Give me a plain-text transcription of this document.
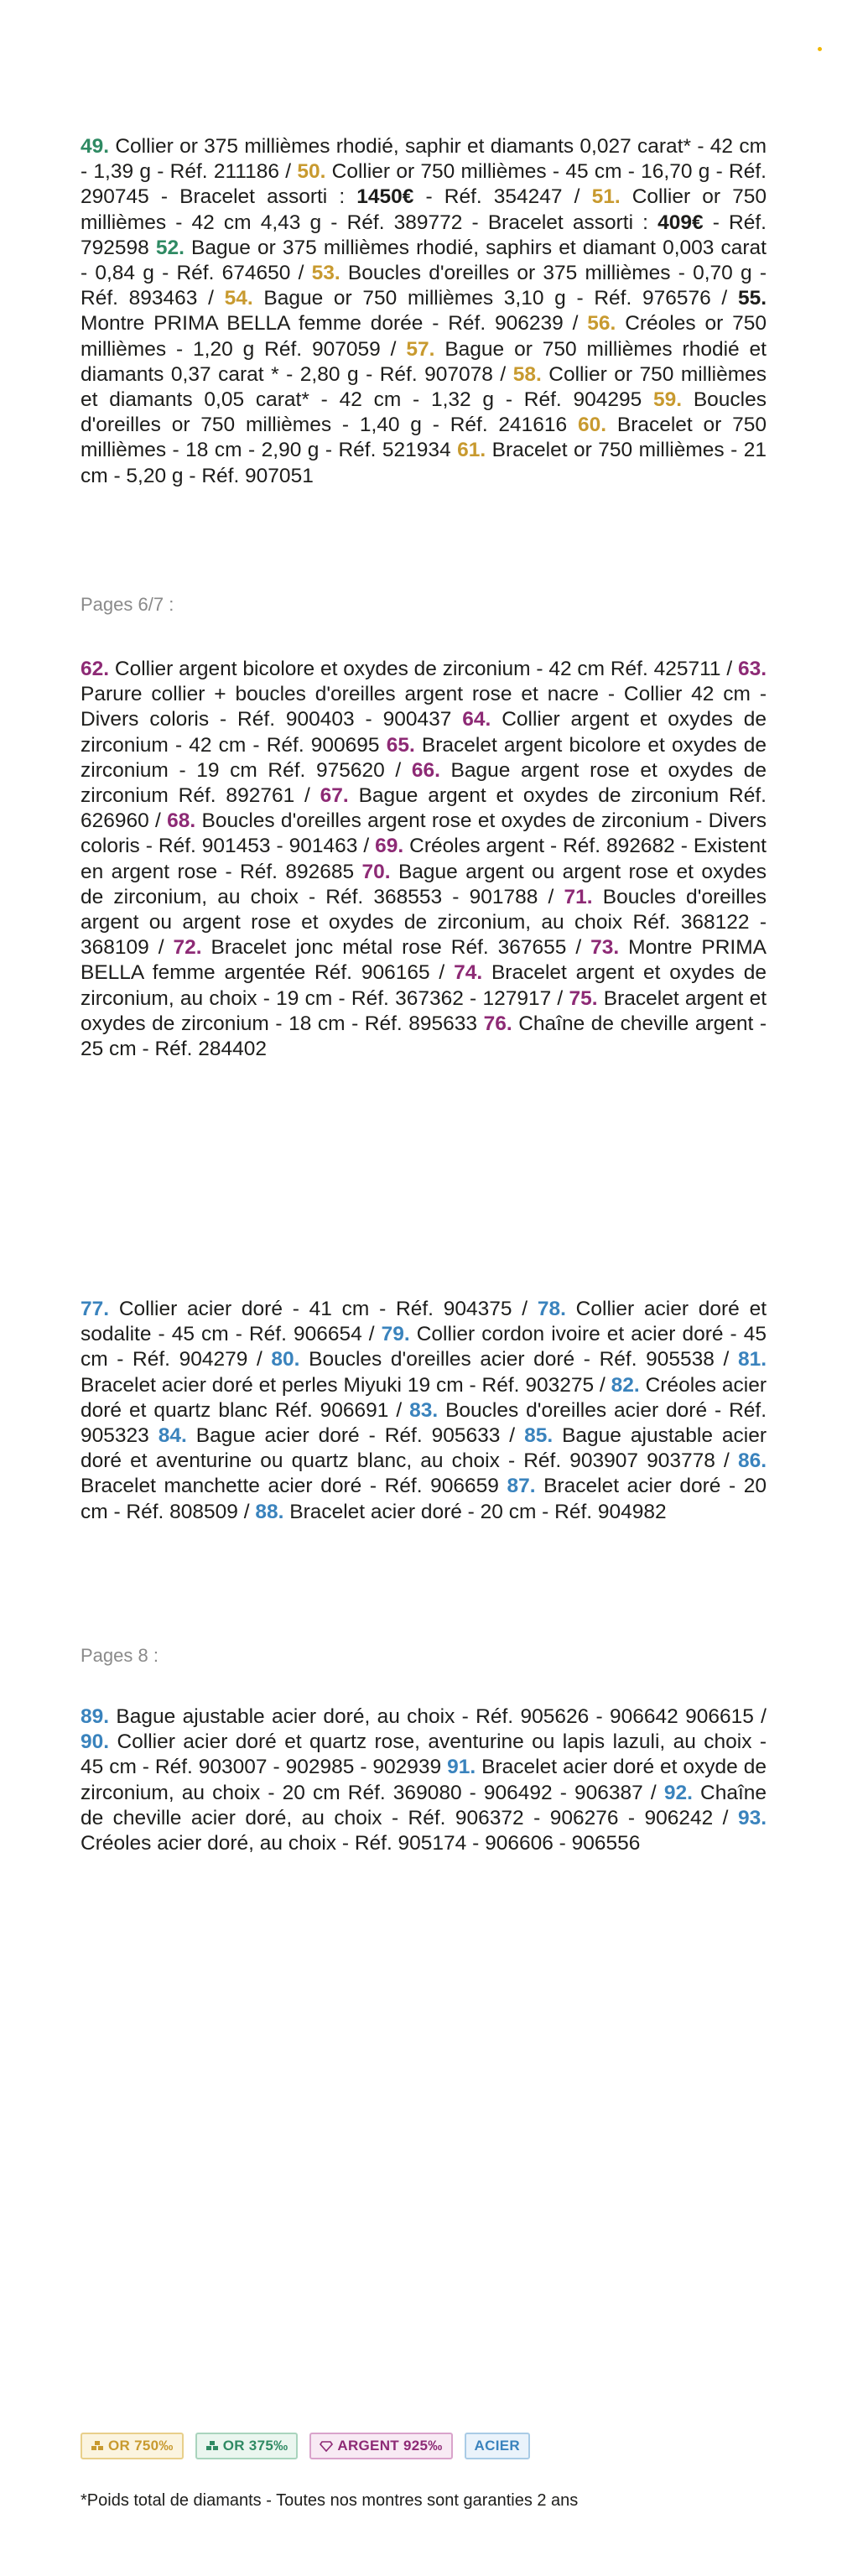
49. Collier or 375 millièmes rhodié, saphir et diamants 0,027 carat* - 42 cm - 1,39 g - Réf. 211186 / 50. Collier or 750 millièmes - 45 cm - 16,70 g - Réf. 290745 - Bracelet assorti : 1450€ - Réf. 354247 / 51. Collier or 750 millièmes - 42 cm 4,43 g - Réf. 389772 - Bracelet assorti : 409€ - Réf. 792598 52. Bague or 375 millièmes rhodié, saphirs et diamant 0,003 carat - 0,84 g - Réf. 674650 / 53. Boucles d'oreilles or 375 millièmes - 0,70 g - Réf. 893463 / 54. Bague or 750 millièmes 3,10 g - Réf. 976576 / 55. Montre PRIMA BELLA femme dorée - Réf. 906239 / 56. Créoles or 750 millièmes - 1,20 g Réf. 907059 / 57. Bague or 750 millièmes rhodié et diamants 0,37 carat * - 2,80 g - Réf. 907078 / 58. Collier or 750 millièmes et diamants 0,05 carat* - 42 cm - 1,32 g - Réf. 904295 59. Boucles d'oreilles or 750 millièmes - 1,40 g - Réf. 241616 60. Bracelet or 750 millièmes - 18 cm - 2,90 g - Réf. 521934 61. Bracelet or 750 millièmes - 21 cm - 5,20 g - Réf. 907051

Pages 6/7 :

62. Collier argent bicolore et oxydes de zirconium - 42 cm Réf. 425711 / 63. Parure collier + boucles d'oreilles argent rose et nacre - Collier 42 cm - Divers coloris - Réf. 900403 - 900437 64. Collier argent et oxydes de zirconium - 42 cm - Réf. 900695 65. Bracelet argent bicolore et oxydes de zirconium - 19 cm Réf. 975620 / 66. Bague argent rose et oxydes de zirconium Réf. 892761 / 67. Bague argent et oxydes de zirconium Réf. 626960 / 68. Boucles d'oreilles argent rose et oxydes de zirconium - Divers coloris - Réf. 901453 - 901463 / 69. Créoles argent - Réf. 892682 - Existent en argent rose - Réf. 892685 70. Bague argent ou argent rose et oxydes de zirconium, au choix - Réf. 368553 - 901788 / 71. Boucles d'oreilles argent ou argent rose et oxydes de zirconium, au choix Réf. 368122 - 368109 / 72. Bracelet jonc métal rose Réf. 367655 / 73. Montre PRIMA BELLA femme argentée Réf. 906165 / 74. Bracelet argent et oxydes de zirconium, au choix - 19 cm - Réf. 367362 - 127917 / 75. Bracelet argent et oxydes de zirconium - 18 cm - Réf. 895633 76. Chaîne de cheville argent - 25 cm - Réf. 284402

77. Collier acier doré - 41 cm - Réf. 904375 / 78. Collier acier doré et sodalite - 45 cm - Réf. 906654 / 79. Collier cordon ivoire et acier doré - 45 cm - Réf. 904279 / 80. Boucles d'oreilles acier doré - Réf. 905538 / 81. Bracelet acier doré et perles Miyuki 19 cm - Réf. 903275 / 82. Créoles acier doré et quartz blanc Réf. 906691 / 83. Boucles d'oreilles acier doré - Réf. 905323 84. Bague acier doré - Réf. 905633 / 85. Bague ajustable acier doré et aventurine ou quartz blanc, au choix - Réf. 903907 903778 / 86. Bracelet manchette acier doré - Réf. 906659 87. Bracelet acier doré - 20 cm - Réf. 808509 / 88. Bracelet acier doré - 20 cm - Réf. 904982

Pages 8 :

89. Bague ajustable acier doré, au choix - Réf. 905626 - 906642 906615 / 90. Collier acier doré et quartz rose, aventurine ou lapis lazuli, au choix - 45 cm - Réf. 903007 - 902985 - 902939 91. Bracelet acier doré et oxyde de zirconium, au choix - 20 cm Réf. 369080 - 906492 - 906387 / 92. Chaîne de cheville acier doré, au choix - Réf. 906372 - 906276 - 906242 / 93. Créoles acier doré, au choix - Réf. 905174 - 906606 - 906556

OR 750‰	OR 375‰	ARGENT 925‰ ACIER

*Poids total de diamants - Toutes nos montres sont garanties 2 ans
